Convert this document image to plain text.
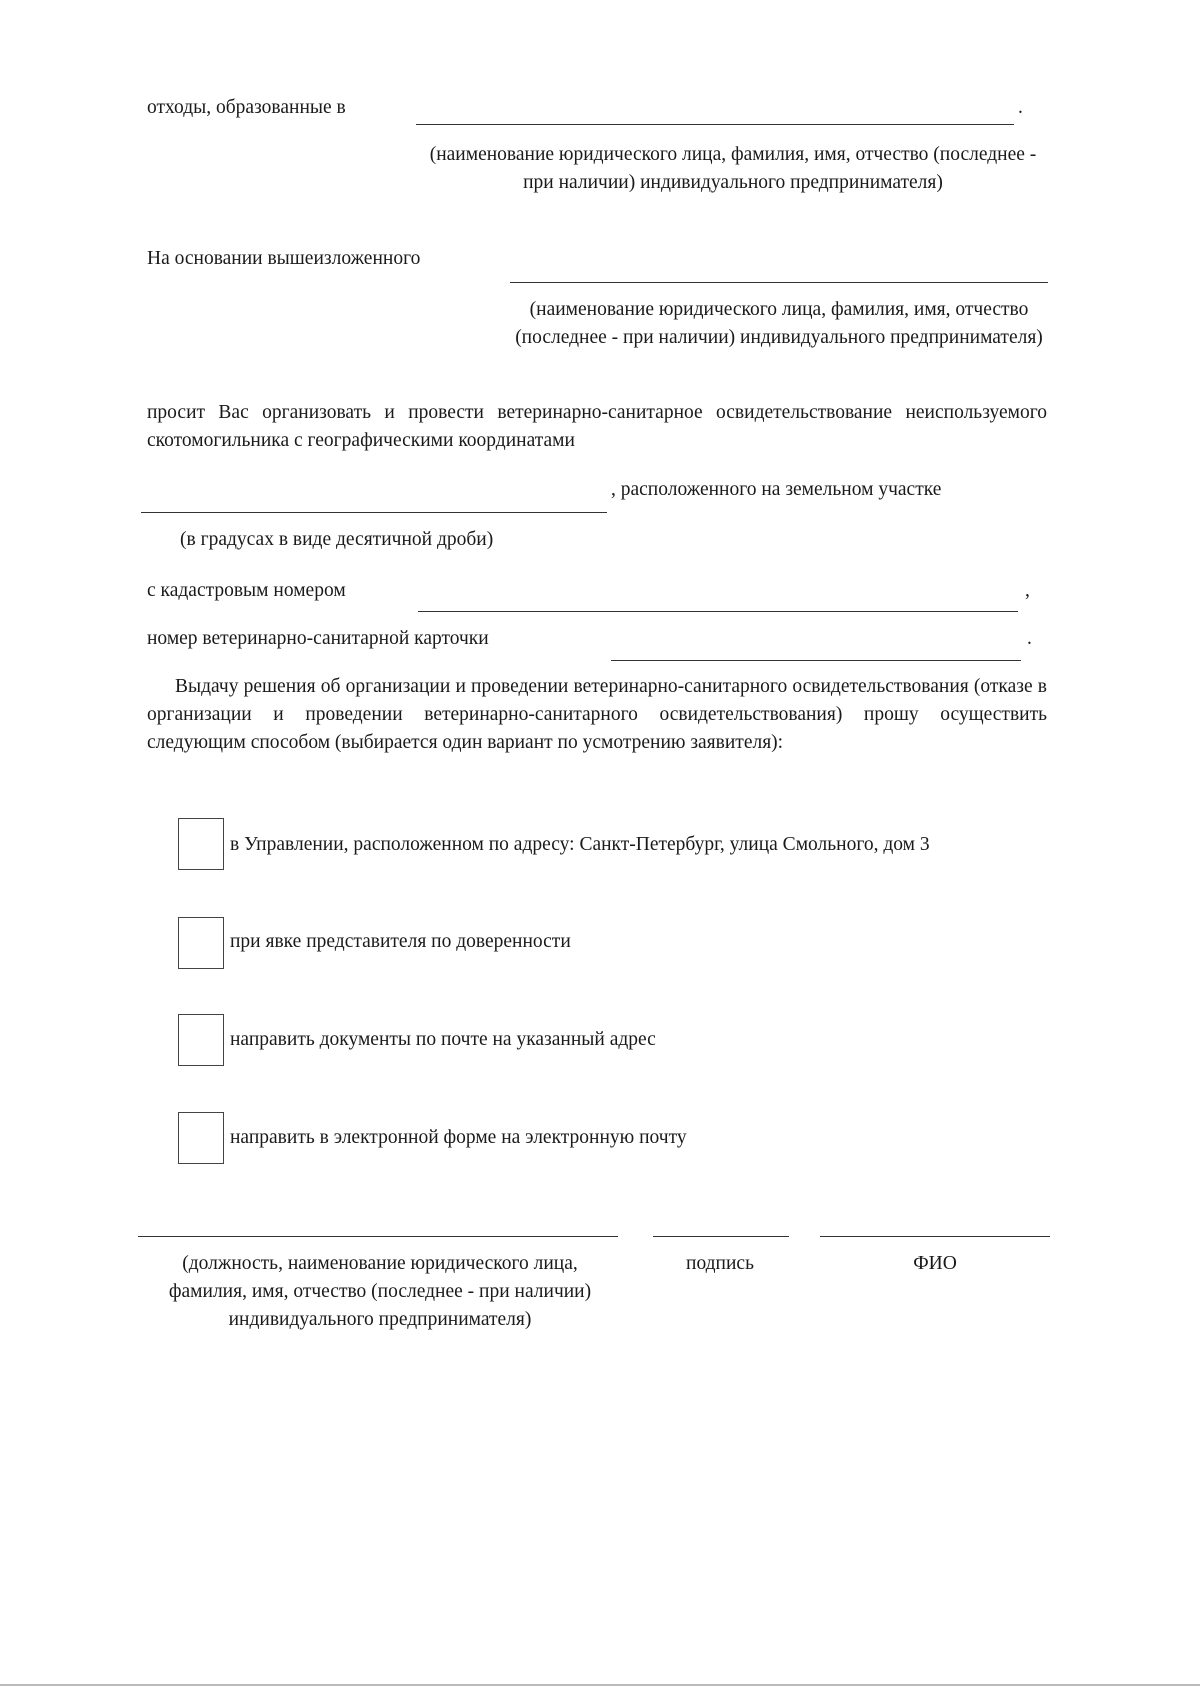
отходы, образованные в	.
(наименование юридического лица, фамилия, имя, отчество (последнее - при наличии) индивидуального предпринимателя)
На основании вышеизложенного
(наименование юридического лица, фамилия, имя, отчество (последнее - при наличии) индивидуального предпринимателя)
просит Вас организовать и провести ветеринарно-санитарное освидетельствование неиспользуемого скотомогильника с географическими координатами
, расположенного на земельном участке
(в градусах в виде десятичной дроби)
с кадастровым номером	,
номер ветеринарно-санитарной карточки	.
Выдачу решения об организации и проведении ветеринарно-санитарного освидетельствования (отказе в организации и проведении ветеринарно-санитарного освидетельствования) прошу осуществить следующим способом (выбирается один вариант по усмотрению заявителя):
в Управлении, расположенном по адресу: Санкт-Петербург, улица Смольного, дом 3
при явке представителя по доверенности
направить документы по почте на указанный адрес
направить в электронной форме на электронную почту
(должность, наименование юридического лица, фамилия, имя, отчество (последнее - при наличии) индивидуального предпринимателя)
подпись	ФИО
